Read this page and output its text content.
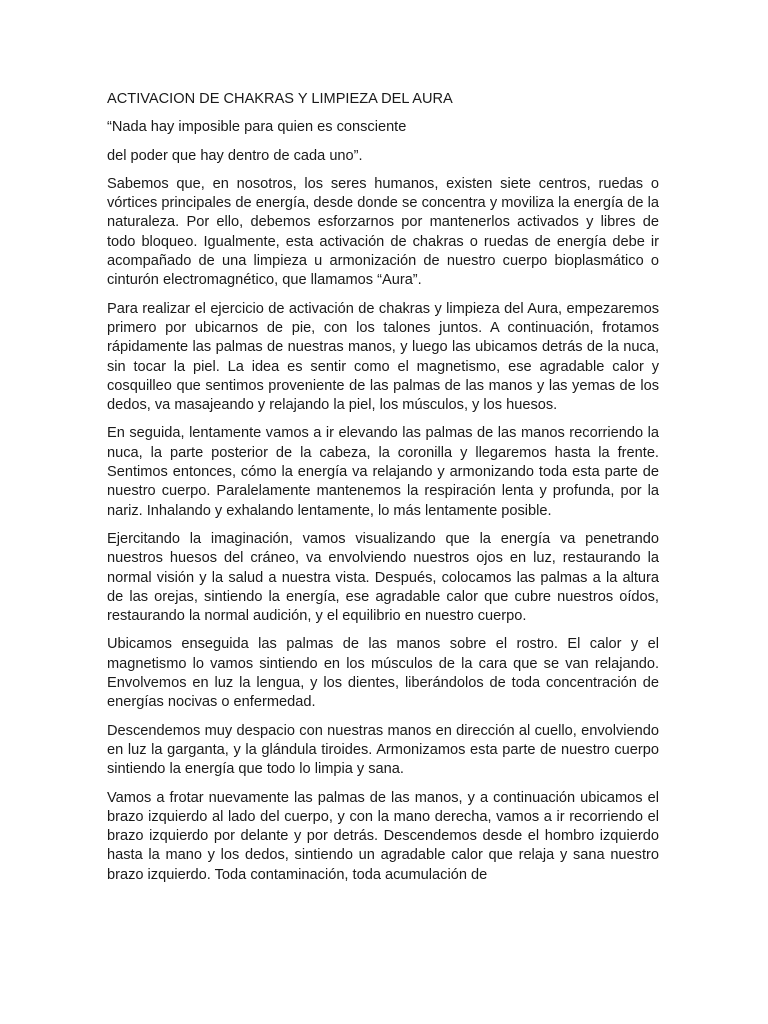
ACTIVACION DE CHAKRAS Y LIMPIEZA DEL AURA
“Nada hay imposible para quien es consciente
del poder que hay dentro de cada uno”.

Sabemos que, en nosotros, los seres humanos, existen siete centros, ruedas o vórtices principales de energía, desde donde se concentra y moviliza la energía de la naturaleza. Por ello, debemos esforzarnos por mantenerlos activados y libres de todo bloqueo. Igualmente, esta activación de chakras o ruedas de energía debe ir acompañado de una limpieza u armonización de nuestro cuerpo bioplasmático o cinturón electromagnético, que llamamos “Aura”.

Para realizar el ejercicio de activación de chakras y limpieza del Aura, empezaremos primero por ubicarnos de pie, con los talones juntos. A continuación, frotamos rápidamente las palmas de nuestras manos, y luego las ubicamos detrás de la nuca, sin tocar la piel. La idea es sentir como el magnetismo, ese agradable calor y cosquilleo que sentimos proveniente de las palmas de las manos y las yemas de los dedos, va masajeando y relajando la piel, los músculos, y los huesos.

En seguida, lentamente vamos a ir elevando las palmas de las manos recorriendo la nuca, la parte posterior de la cabeza, la coronilla y llegaremos hasta la frente. Sentimos entonces, cómo la energía va relajando y armonizando toda esta parte de nuestro cuerpo. Paralelamente mantenemos la respiración lenta y profunda, por la nariz. Inhalando y exhalando lentamente, lo más lentamente posible.

Ejercitando la imaginación, vamos visualizando que la energía va penetrando nuestros huesos del cráneo, va envolviendo nuestros ojos en luz, restaurando la normal visión y la salud a nuestra vista. Después, colocamos las palmas a la altura de las orejas, sintiendo la energía, ese agradable calor que cubre nuestros oídos, restaurando la normal audición, y el equilibrio en nuestro cuerpo.

Ubicamos enseguida las palmas de las manos sobre el rostro. El calor y el magnetismo lo vamos sintiendo en los músculos de la cara que se van relajando. Envolvemos en luz la lengua, y los dientes, liberándolos de toda concentración de energías nocivas o enfermedad.

Descendemos muy despacio con nuestras manos en dirección al cuello, envolviendo en luz la garganta, y la glándula tiroides. Armonizamos esta parte de nuestro cuerpo sintiendo la energía que todo lo limpia y sana.

Vamos a frotar nuevamente las palmas de las manos, y a continuación ubicamos el brazo izquierdo al lado del cuerpo, y con la mano derecha, vamos a ir recorriendo el brazo izquierdo por delante y por detrás. Descendemos desde el hombro izquierdo hasta la mano y los dedos, sintiendo un agradable calor que relaja y sana nuestro brazo izquierdo. Toda contaminación, toda acumulación de
